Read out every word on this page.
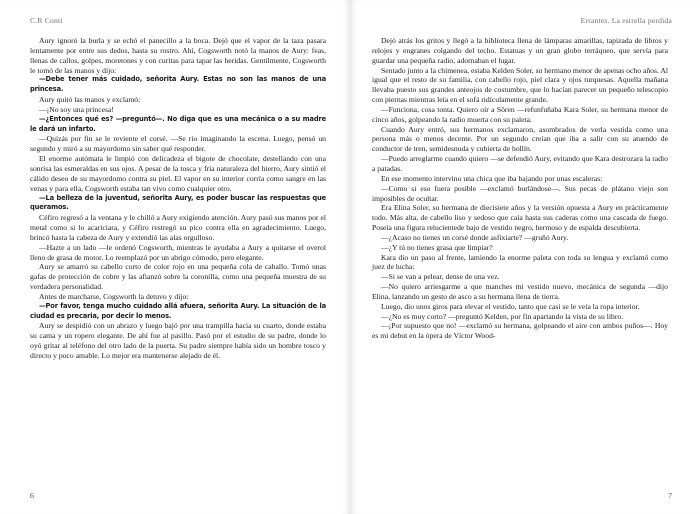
C.R Conti

Aury ignoró la burla y se echó el panecillo a la boca. Dejó que el vapor de la taza pasara lentamente por entre sus dedos, hasta su rostro. Ahí, Cogsworth notó la manos de Aury: feas, llenas de callos, golpes, moretones y con curitas para tapar las heridas. Gentilmente, Cogsworth le tomó de las manos y dijo:

—Debe tener más cuidado, señorita Aury. Estas no son las manos de una princesa.

Aury quitó las manos y exclamó:

—¡No soy una princesa!

—¿Entonces qué es? —preguntó—. No diga que es una mecánica o a su madre le dará un infarto.

—Quizás por fin se le reviente el corsé. —Se rio imaginando la escena. Luego, pensó un segundo y miró a su mayordomo sin saber qué responder.

El enorme autómata le limpió con delicadeza el bigote de chocolate, destellando con una sonrisa las esmeraldas en sus ojos. A pesar de la tosca y fría naturaleza del hierro, Aury sintió el cálido deseo de su mayordomo contra su piel. El vapor en su interior corría como sangre en las venas y para ella, Cogsworth estaba tan vivo como cualquier otro.

—La belleza de la juventud, señorita Aury, es poder buscar las respuestas que queramos.

Céfiro regresó a la ventana y le chilló a Aury exigiendo atención. Aury pasó sus manos por el metal como si lo acariciara, y Céfiro restregó su pico contra ella en agradecimiento. Luego, brincó hasta la cabeza de Aury y extendió las alas orgulloso.

—Hazte a un lado —le ordenó Cogsworth, mientras le ayudaba a Aury a quitarse el overol lleno de grasa de motor. Lo reemplazó por un abrigo cómodo, pero elegante.

Aury se amarró su cabello corto de color rojo en una pequeña cola de caballo. Tomó unas gafas de protección de cobre y las afianzó sobre la coronilla, como una pequeña muestra de su verdadera personalidad.

Antes de marcharse, Cogsworth la detuvo y dijo:

—Por favor, tenga mucho cuidado allá afuera, señorita Aury. La situación de la ciudad es precaria, por decir lo menos.

Aury se despidió con un abrazo y luego bajó por una trampilla hacia su cuarto, donde estaba su cama y un ropero elegante. De ahí fue al pasillo. Pasó por el estudio de su padre, donde lo oyó gritar al teléfono del otro lado de la puerta. Su padre siempre había sido un hombre tosco y directo y poco amable. Lo mejor era mantenerse alejado de él.

6
Errantes. La estrella perdida

Dejó atrás los gritos y llegó a la biblioteca llena de lámparas amarillas, tapizada de libros y relojes y engranes colgando del techo. Estatuas y un gran globo terráqueo, que servía para guardar una pequeña radio, adornaban el lugar.

Sentado junto a la chimenea, estaba Kelden Soler, su hermano menor de apenas ocho años. Al igual que el resto de su familia, con cabello rojo, piel clara y ojos turquesas. Aquella mañana llevaba puesto sus grandes anteojos de costumbre, que lo hacían parecer un pequeño telescopio con piernas mientras leía en el sofá ridículamente grande.

—Funciona, cosa tonta. Quiero oír a Sören —refunfuñaba Kara Soler, su hermana menor de cinco años, golpeando la radio muerta con su paleta.

Cuando Aury entró, sus hermanos exclamaron, asombrados de verla vestida como una persona más o menos decente. Por un segundo creían que iba a salir con su atuendo de conductor de tren, semidesnuda y cubierta de hollín.

—Puedo arreglarme cuando quiero —se defendió Aury, evitando que Kara destrozara la radio a patadas.

En ese momento intervino una chica que iba bajando por unas escaleras:

—Como si eso fuera posible —exclamó burlándose—. Sus pecas de plátano viejo son imposibles de ocultar.

Era Elina Soler, su hermana de diecisiete años y la versión opuesta a Aury en prácticamente todo. Más alta, de cabello liso y sedoso que caía hasta sus caderas como una cascada de fuego. Poseía una figura relucientede bajo de vestido negro, hermoso y de espalda descubierta.

—¿Acaso no tienes un corsé donde asfixiarte? —gruñó Aury.

—¿Y tú no tienes grasa que limpiar?

Kara dio un paso al frente, lamiendo la enorme paleta con toda su lengua y exclamó como juez de lucha:

—Si se van a pelear, dense de una vez.

—No quiero arriesgarme a que manches mi vestido nuevo, mecánica de segunda —dijo Elina, lanzando un gesto de asco a su hermana llena de tierra.

Luego, dio unos giros para elevar el vestido, tanto que casi se le veía la ropa interior.

—¿No es muy corto? —preguntó Kelden, por fin apartando la vista de su libro.

—¡Por supuesto que no! —exclamó su hermana, golpeando el aire con ambos puños—. Hoy es mi debut en la ópera de Víctor Wood-

7
